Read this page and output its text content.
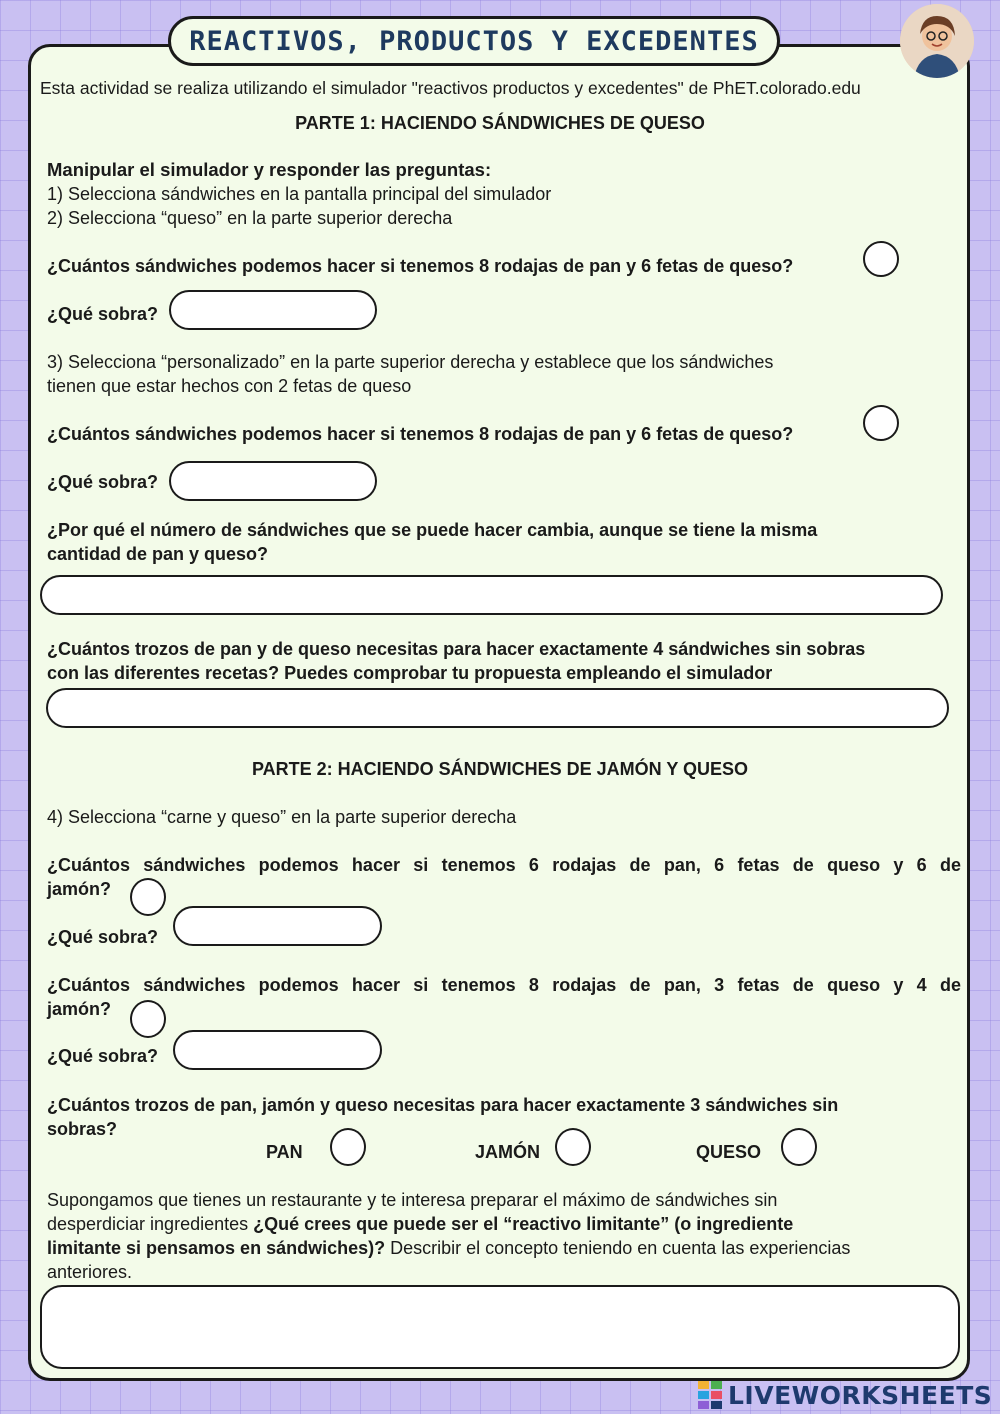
REACTIVOS, PRODUCTOS Y EXCEDENTES

Esta actividad se realiza utilizando el simulador "reactivos productos y excedentes" de PhET.colorado.edu

PARTE 1: HACIENDO SÁNDWICHES DE QUESO

Manipular el simulador y responder las preguntas:

1) Selecciona sándwiches en la pantalla principal del simulador

2) Selecciona “queso” en la parte superior derecha

¿Cuántos sándwiches podemos hacer si tenemos 8 rodajas de pan y 6 fetas de queso?

¿Qué sobra?

3) Selecciona “personalizado” en la parte superior derecha y establece que los sándwiches

tienen que estar hechos con 2 fetas de queso

¿Cuántos sándwiches podemos hacer si tenemos 8 rodajas de pan y 6 fetas de queso?

¿Qué sobra?

¿Por qué el número de sándwiches que se puede hacer cambia, aunque se tiene la misma

cantidad de pan y queso?

¿Cuántos trozos de pan y de queso necesitas para hacer exactamente 4 sándwiches sin sobras

con las diferentes recetas? Puedes comprobar tu propuesta empleando el simulador

PARTE 2: HACIENDO SÁNDWICHES DE JAMÓN Y QUESO

4) Selecciona “carne y queso” en la parte superior derecha

¿Cuántos sándwiches podemos hacer si tenemos 6 rodajas de pan, 6 fetas de queso y 6 de

jamón?

¿Qué sobra?

¿Cuántos sándwiches podemos hacer si tenemos 8 rodajas de pan, 3 fetas de queso y 4 de

jamón?

¿Qué sobra?

¿Cuántos trozos de pan, jamón y queso necesitas para hacer exactamente 3 sándwiches sin

sobras?

PAN	JAMÓN	QUESO

Supongamos que tienes un restaurante y te interesa preparar el máximo de sándwiches sin

desperdiciar ingredientes ¿Qué crees que puede ser el “reactivo limitante” (o ingrediente

limitante si pensamos en sándwiches)? Describir el concepto teniendo en cuenta las experiencias

anteriores.

LIVEWORKSHEETS
